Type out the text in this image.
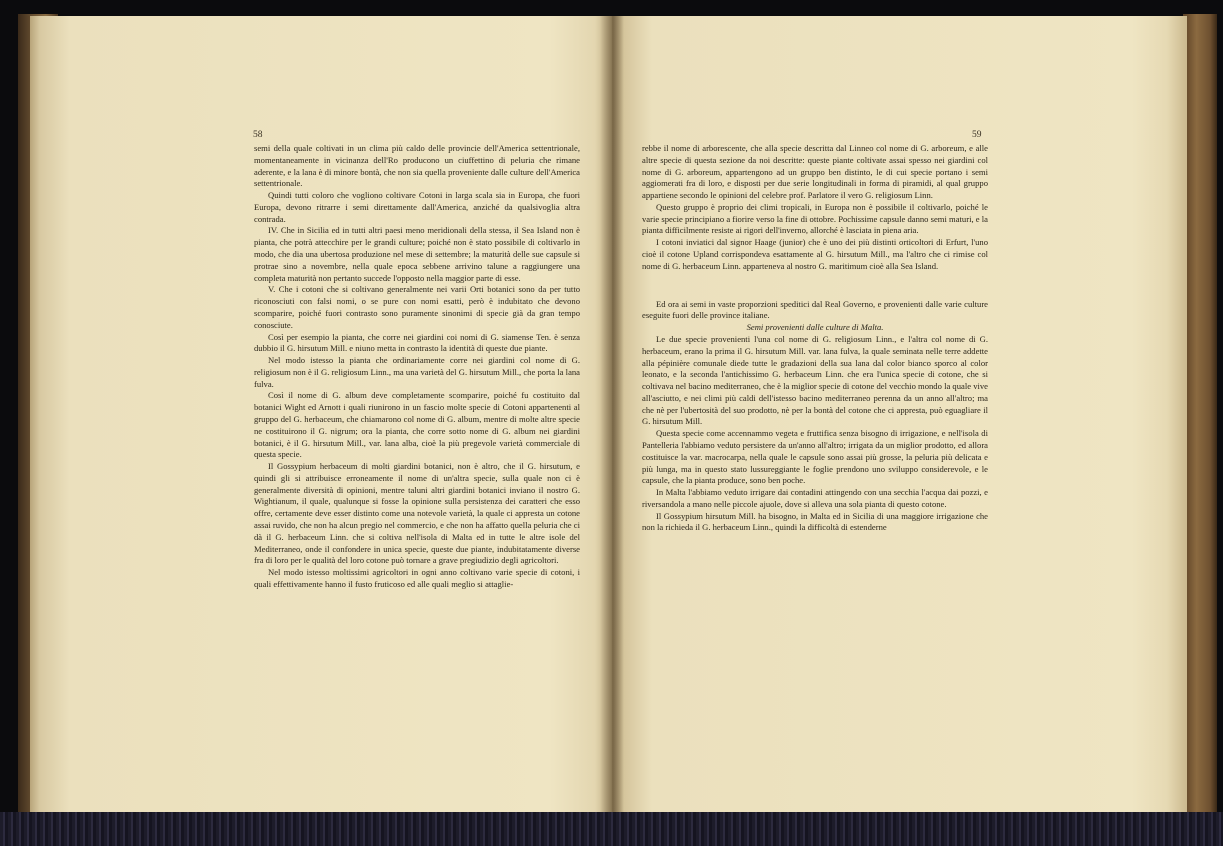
58

semi della quale coltivati in un clima più caldo delle provincie dell'America settentrionale, momentaneamente in vicinanza dell'Ro producono un ciuffettino di peluria che rimane aderente, e la lana è di minore bontà, che non sia quella proveniente dalle culture dell'America settentrionale.

Quindi tutti coloro che vogliono coltivare Cotoni in larga scala sia in Europa, che fuori Europa, devono ritrarre i semi direttamente dall'America, anziché da qualsivoglia altra contrada.

IV. Che in Sicilia ed in tutti altri paesi meno meridionali della stessa, il Sea Island non è pianta, che potrà attecchire per le grandi culture; poiché non è stato possibile di coltivarlo in modo, che dia una ubertosa produzione nel mese di settembre; la maturità delle sue capsule si protrae sino a novembre, nella quale epoca sebbene arrivino talune a raggiungere una completa maturità non pertanto succede l'opposto nella maggior parte di esse.

V. Che i cotoni che si coltivano generalmente nei varii Orti botanici sono da per tutto riconosciuti con falsi nomi, o se pure con nomi esatti, però è indubitato che devono scomparire, poiché fuori contrasto sono puramente sinonimi di specie già da gran tempo conosciute.

Così per esempio la pianta, che corre nei giardini coi nomi di G. siamense Ten. è senza dubbio il G. hirsutum Mill. e niuno metta in contrasto la identità di queste due piante.

Nel modo istesso la pianta che ordinariamente corre nei giardini col nome di G. religiosum non è il G. religiosum Linn., ma una varietà del G. hirsutum Mill., che porta la lana fulva.

Così il nome di G. album deve completamente scomparire, poiché fu costituito dal botanici Wight ed Arnott i quali riunirono in un fascio molte specie di Cotoni appartenenti al gruppo del G. herbaceum, che chiamarono col nome di G. album, mentre di molte altre specie ne costituirono il G. nigrum; ora la pianta, che corre sotto nome di G. album nei giardini botanici, è il G. hirsutum Mill., var. lana alba, cioè la più pregevole varietà commerciale di questa specie.

Il Gossypium herbaceum di molti giardini botanici, non è altro, che il G. hirsutum, e quindi gli si attribuisce erroneamente il nome di un'altra specie, sulla quale non ci è generalmente diversità di opinioni, mentre taluni altri giardini botanici inviano il nostro G. Wightianum, il quale, qualunque si fosse la opinione sulla persistenza dei caratteri che esso offre, certamente deve esser distinto come una notevole varietà, la quale ci appresta un cotone assai ruvido, che non ha alcun pregio nel commercio, e che non ha affatto quella peluria che ci dà il G. herbaceum Linn. che si coltiva nell'isola di Malta ed in tutte le altre isole del Mediterraneo, onde il confondere in unica specie, queste due piante, indubitatamente diverse fra di loro per le qualità del loro cotone può tornare a grave pregiudizio degli agricoltori.

Nel modo istesso moltissimi agricoltori in ogni anno coltivano varie specie di cotoni, i quali effettivamente hanno il fusto fruticoso ed alle quali meglio si attaglie-

59

rebbe il nome di arborescente, che alla specie descritta dal Linneo col nome di G. arboreum, e alle altre specie di questa sezione da noi descritte: queste piante coltivate assai spesso nei giardini col nome di G. arboreum, appartengono ad un gruppo ben distinto, le di cui specie portano i semi aggiomerati fra di loro, e disposti per due serie longitudinali in forma di piramidi, al qual gruppo appartiene secondo le opinioni del celebre prof. Parlatore il vero G. religiosum Linn.

Questo gruppo è proprio dei climi tropicali, in Europa non è possibile il coltivarlo, poiché le varie specie principiano a fiorire verso la fine di ottobre. Pochissime capsule danno semi maturi, e la pianta difficilmente resiste ai rigori dell'inverno, allorché è lasciata in piena aria.

I cotoni inviatici dal signor Haage (junior) che è uno dei più distinti orticoltori di Erfurt, l'uno cioè il cotone Upland corrispondeva esattamente al G. hirsutum Mill., ma l'altro che ci rimise col nome di G. herbaceum Linn. apparteneva al nostro G. maritimum cioè alla Sea Island.

Ed ora ai semi in vaste proporzioni speditici dal Real Governo, e provenienti dalle varie culture eseguite fuori delle province italiane.

Semi provenienti dalle culture di Malta.

Le due specie provenienti l'una col nome di G. religiosum Linn., e l'altra col nome di G. herbaceum, erano la prima il G. hirsutum Mill. var. lana fulva, la quale seminata nelle terre addette alla pépinière comunale diede tutte le gradazioni della sua lana dal color bianco sporco al color leonato, e la seconda l'antichissimo G. herbaceum Linn. che era l'unica specie di cotone, che si coltivava nel bacino mediterraneo, che è la miglior specie di cotone del vecchio mondo la quale vive all'asciutto, e nei climi più caldi dell'istesso bacino mediterraneo perenna da un anno all'altro; ma che nè per l'ubertosità del suo prodotto, nè per la bontà del cotone che ci appresta, può eguagliare il G. hirsutum Mill.

Questa specie come accennammo vegeta e fruttifica senza bisogno di irrigazione, e nell'isola di Pantelleria l'abbiamo veduto persistere da un'anno all'altro; irrigata da un miglior prodotto, ed allora costituisce la var. macrocarpa, nella quale le capsule sono assai più grosse, la peluria più delicata e più lunga, ma in questo stato lussureggiante le foglie prendono uno sviluppo considerevole, e le capsule, che la pianta produce, sono ben poche.

In Malta l'abbiamo veduto irrigare dai contadini attingendo con una secchia l'acqua dai pozzi, e riversandola a mano nelle piccole ajuole, dove si alleva una sola pianta di questo cotone.

Il Gossypium hirsutum Mill. ha bisogno, in Malta ed in Sicilia di una maggiore irrigazione che non la richieda il G. herbaceum Linn., quindi la difficoltà di estenderne
